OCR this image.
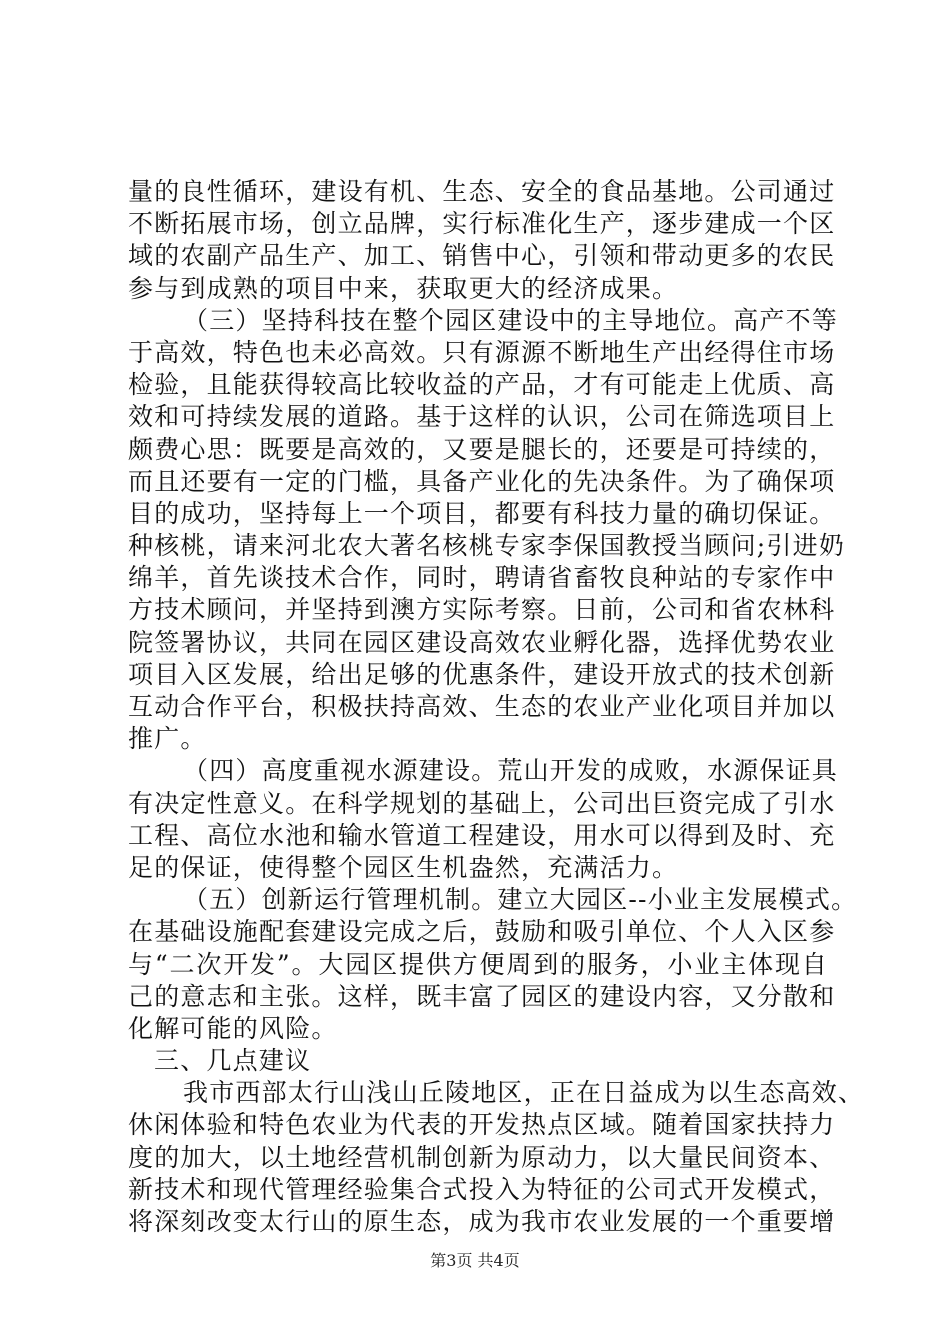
量的良性循环，建设有机、生态、安全的食品基地。公司通过
不断拓展市场，创立品牌，实行标准化生产，逐步建成一个区
域的农副产品生产、加工、销售中心，引领和带动更多的农民
参与到成熟的项目中来，获取更大的经济成果。
（三）坚持科技在整个园区建设中的主导地位。高产不等
于高效，特色也未必高效。只有源源不断地生产出经得住市场
检验，且能获得较高比较收益的产品，才有可能走上优质、高
效和可持续发展的道路。基于这样的认识，公司在筛选项目上
颇费心思：既要是高效的，又要是腿长的，还要是可持续的，
而且还要有一定的门槛，具备产业化的先决条件。为了确保项
目的成功，坚持每上一个项目，都要有科技力量的确切保证。
种核桃，请来河北农大著名核桃专家李保国教授当顾问;引进奶
绵羊，首先谈技术合作，同时，聘请省畜牧良种站的专家作中
方技术顾问，并坚持到澳方实际考察。日前，公司和省农林科
院签署协议，共同在园区建设高效农业孵化器，选择优势农业
项目入区发展，给出足够的优惠条件，建设开放式的技术创新
互动合作平台，积极扶持高效、生态的农业产业化项目并加以
推广。
（四）高度重视水源建设。荒山开发的成败，水源保证具
有决定性意义。在科学规划的基础上，公司出巨资完成了引水
工程、高位水池和输水管道工程建设，用水可以得到及时、充
足的保证，使得整个园区生机盎然，充满活力。
（五）创新运行管理机制。建立大园区--小业主发展模式。
在基础设施配套建设完成之后，鼓励和吸引单位、个人入区参
与“二次开发”。大园区提供方便周到的服务，小业主体现自
己的意志和主张。这样，既丰富了园区的建设内容，又分散和
化解可能的风险。
三、几点建议
我市西部太行山浅山丘陵地区，正在日益成为以生态高效、
休闲体验和特色农业为代表的开发热点区域。随着国家扶持力
度的加大，以土地经营机制创新为原动力，以大量民间资本、
新技术和现代管理经验集合式投入为特征的公司式开发模式，
将深刻改变太行山的原生态，成为我市农业发展的一个重要增
第3页 共4页
